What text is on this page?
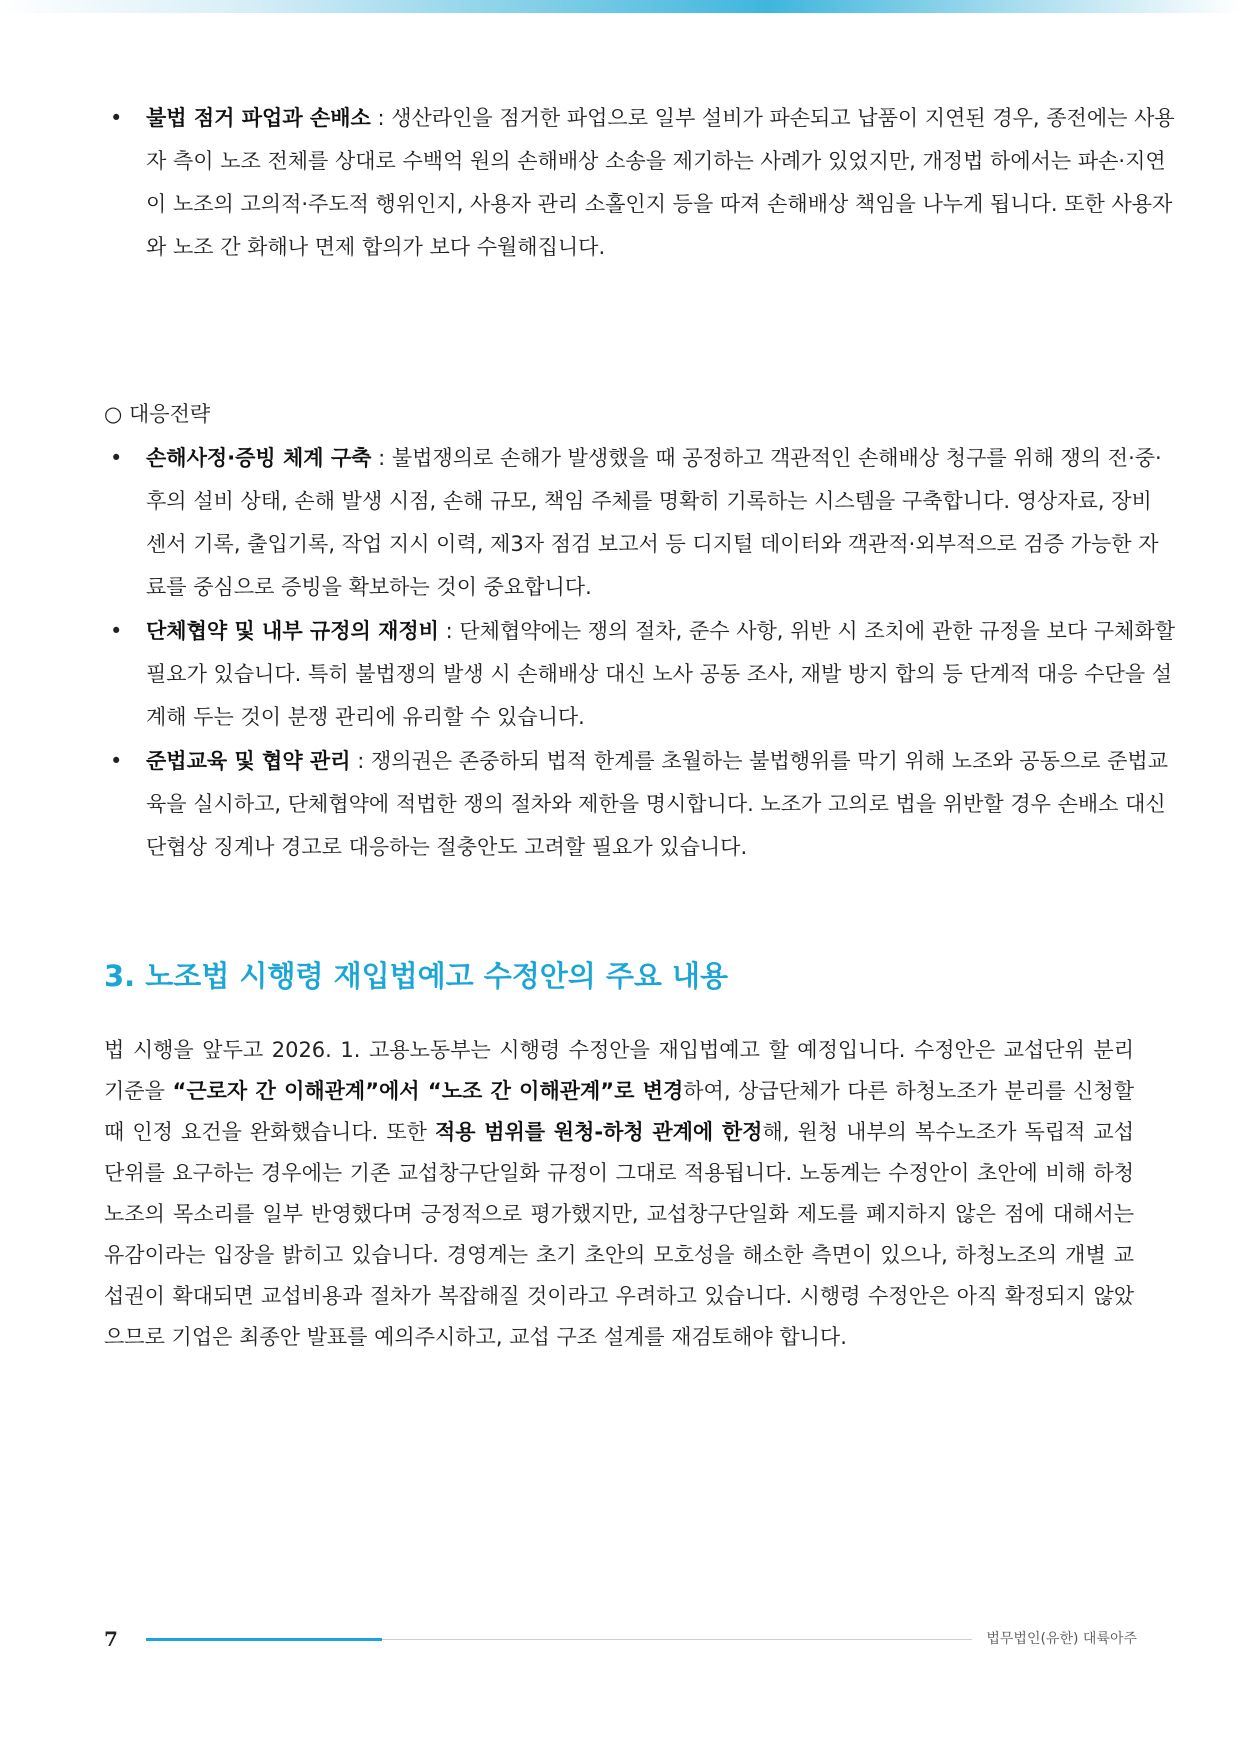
• 불법 점거 파업과 손배소 : 생산라인을 점거한 파업으로 일부 설비가 파손되고 납품이 지연된 경우, 종전에는 사용자 측이 노조 전체를 상대로 수백억 원의 손해배상 소송을 제기하는 사례가 있었지만, 개정법 하에서는 파손·지연이 노조의 고의적·주도적 행위인지, 사용자 관리 소홀인지 등을 따져 손해배상 책임을 나누게 됩니다. 또한 사용자와 노조 간 화해나 면제 합의가 보다 수월해집니다.

○ 대응전략

• 손해사정·증빙 체계 구축 : 불법쟁의로 손해가 발생했을 때 공정하고 객관적인 손해배상 청구를 위해 쟁의 전·중·후의 설비 상태, 손해 발생 시점, 손해 규모, 책임 주체를 명확히 기록하는 시스템을 구축합니다. 영상자료, 장비 센서 기록, 출입기록, 작업 지시 이력, 제3자 점검 보고서 등 디지털 데이터와 객관적·외부적으로 검증 가능한 자료를 중심으로 증빙을 확보하는 것이 중요합니다.

• 단체협약 및 내부 규정의 재정비 : 단체협약에는 쟁의 절차, 준수 사항, 위반 시 조치에 관한 규정을 보다 구체화할 필요가 있습니다. 특히 불법쟁의 발생 시 손해배상 대신 노사 공동 조사, 재발 방지 합의 등 단계적 대응 수단을 설계해 두는 것이 분쟁 관리에 유리할 수 있습니다.

• 준법교육 및 협약 관리 : 쟁의권은 존중하되 법적 한계를 초월하는 불법행위를 막기 위해 노조와 공동으로 준법교육을 실시하고, 단체협약에 적법한 쟁의 절차와 제한을 명시합니다. 노조가 고의로 법을 위반할 경우 손배소 대신 단협상 징계나 경고로 대응하는 절충안도 고려할 필요가 있습니다.

3. 노조법 시행령 재입법예고 수정안의 주요 내용

법 시행을 앞두고 2026. 1. 고용노동부는 시행령 수정안을 재입법예고 할 예정입니다. 수정안은 교섭단위 분리 기준을 “근로자 간 이해관계”에서 “노조 간 이해관계”로 변경하여, 상급단체가 다른 하청노조가 분리를 신청할 때 인정 요건을 완화했습니다. 또한 적용 범위를 원청-하청 관계에 한정해, 원청 내부의 복수노조가 독립적 교섭단위를 요구하는 경우에는 기존 교섭창구단일화 규정이 그대로 적용됩니다. 노동계는 수정안이 초안에 비해 하청노조의 목소리를 일부 반영했다며 긍정적으로 평가했지만, 교섭창구단일화 제도를 폐지하지 않은 점에 대해서는 유감이라는 입장을 밝히고 있습니다. 경영계는 초기 초안의 모호성을 해소한 측면이 있으나, 하청노조의 개별 교섭권이 확대되면 교섭비용과 절차가 복잡해질 것이라고 우려하고 있습니다. 시행령 수정안은 아직 확정되지 않았으므로 기업은 최종안 발표를 예의주시하고, 교섭 구조 설계를 재검토해야 합니다.

7	법무법인(유한) 대륙아주
